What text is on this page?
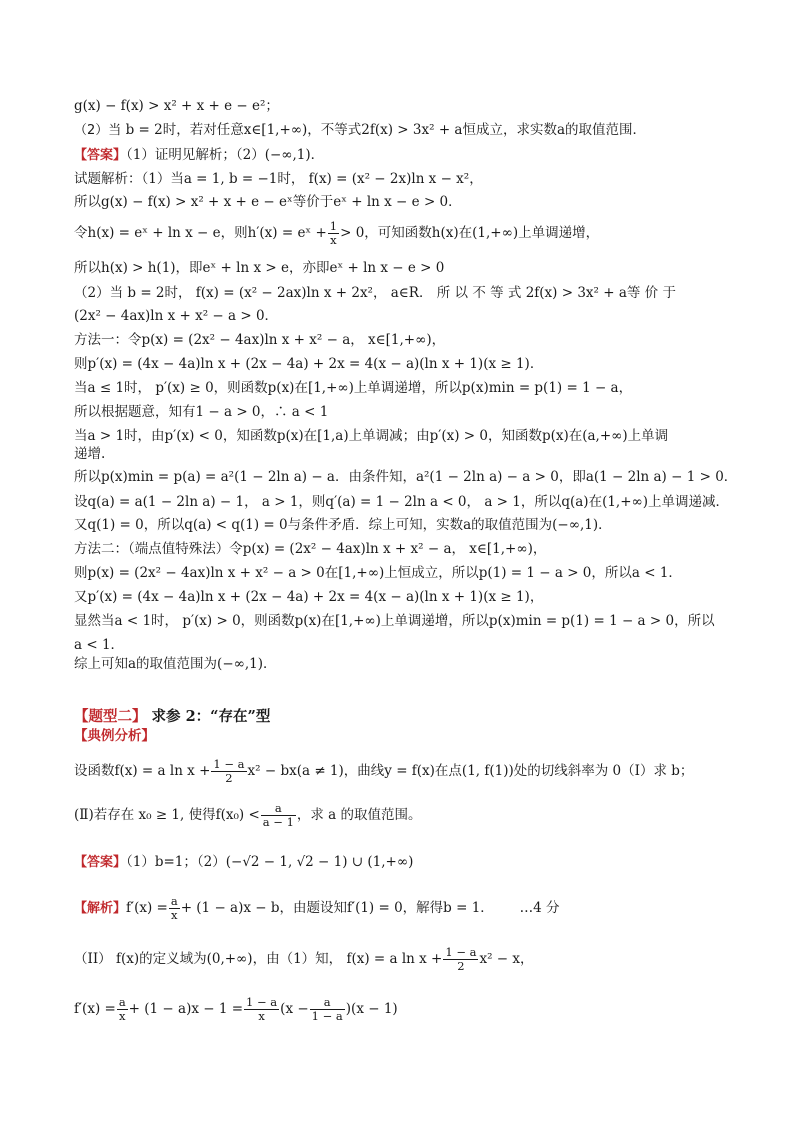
g(x) − f(x) > x² + x + e − e²；
（2）当 b = 2时，若对任意x∈[1,+∞)，不等式2f(x) > 3x² + a恒成立，求实数a的取值范围．
【答案】（1）证明见解析；（2）(−∞,1)．
试题解析：（1）当a = 1, b = −1时， f(x) = (x² − 2x)ln x − x²，
所以g(x) − f(x) > x² + x + e − eˣ等价于eˣ + ln x − e > 0．
令h(x) = eˣ + ln x − e，则h′(x) = eˣ + $\frac{1}{x} > 0$，可知函数h(x)在(1,+∞)上单调递增，
所以h(x) > h(1)，即eˣ + ln x > e，亦即eˣ + ln x − e > 0
（2）当 b = 2时， f(x) = (x² − 2ax)ln x + 2x²， a∈R． 所 以 不 等 式 2f(x) > 3x² + a等 价 于
(2x² − 4ax)ln x + x² − a > 0．
方法一：令p(x) = (2x² − 4ax)ln x + x² − a， x∈[1,+∞)，
则p′(x) = (4x − 4a)ln x + (2x − 4a) + 2x = 4(x − a)(ln x + 1)(x ≥ 1)．
当a ≤ 1时， p′(x) ≥ 0，则函数p(x)在[1,+∞)上单调递增，所以p(x)min = p(1) = 1 − a，
所以根据题意，知有1 − a > 0，∴ a < 1
当a > 1时，由p′(x) < 0，知函数p(x)在[1,a)上单调减；由p′(x) > 0，知函数p(x)在(a,+∞)上单调
递增.
所以p(x)min = p(a) = a²(1 − 2ln a) − a．由条件知，a²(1 − 2ln a) − a > 0，即a(1 − 2ln a) − 1 > 0．
设q(a) = a(1 − 2ln a) − 1， a > 1，则q′(a) = 1 − 2ln a < 0， a > 1，所以q(a)在(1,+∞)上单调递减．
又q(1) = 0，所以q(a) < q(1) = 0与条件矛盾．综上可知，实数a的取值范围为(−∞,1)．
方法二：（端点值特殊法）令p(x) = (2x² − 4ax)ln x + x² − a， x∈[1,+∞)，
则p(x) = (2x² − 4ax)ln x + x² − a > 0在[1,+∞)上恒成立，所以p(1) = 1 − a > 0，所以a < 1．
又p′(x) = (4x − 4a)ln x + (2x − 4a) + 2x = 4(x − a)(ln x + 1)(x ≥ 1)，
显然当a < 1时， p′(x) > 0，则函数p(x)在[1,+∞)上单调递增，所以p(x)min = p(1) = 1 − a > 0，所以
a < 1．
综上可知a的取值范围为(−∞,1)．
【题型二】 求参 2：“存在”型
【典例分析】
设函数f(x) = a $\ln x + \frac{1 - a}{2} x^2 - bx(a \ne 1)$，曲线y = f(x)在点(1, f(1))处的切线斜率为 0（Ⅰ）求 b；
(Ⅱ)若存在 x₀ ≥ 1, 使得$f(x_0) < \frac{a}{a - 1}$ ，求 a 的取值范围。
【答案】（1）b=1；（2）(−√2 − 1, √2 − 1) ∪ (1,+∞)
【解析】$f'(x) = \frac{a}{x} + (1 - a)x - b$，由题设知f′(1) = 0，解得b = 1． …4 分
（II） f(x)的定义域为(0,+∞)，由（1）知， f(x) = a $\ln x + \frac{1 - a}{2} x^2 - x$，
$f'(x) = \frac{a}{x} + (1 - a)x - 1 = \frac{1 - a}{x} (x - \frac{a}{1 - a} )(x - 1)$
